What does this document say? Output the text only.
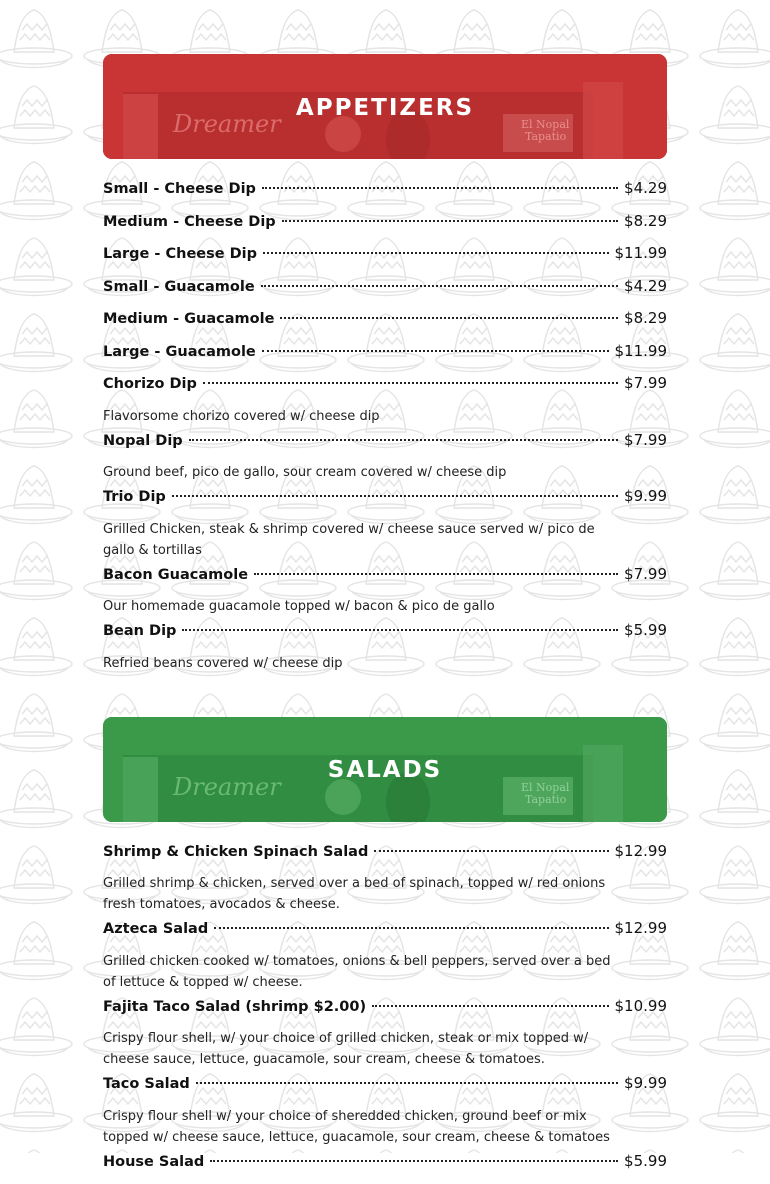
Dreamer	El Nopal
Tapatio
APPETIZERS
Small - Cheese Dip	$4.29
Medium - Cheese Dip	$8.29
Large - Cheese Dip	$11.99
Small - Guacamole	$4.29
Medium - Guacamole	$8.29
Large - Guacamole	$11.99
Chorizo Dip	$7.99
Flavorsome chorizo covered w/ cheese dip
Nopal Dip	$7.99
Ground beef, pico de gallo, sour cream covered w/ cheese dip
Trio Dip	$9.99
Grilled Chicken, steak & shrimp covered w/ cheese sauce served w/ pico de gallo & tortillas
Bacon Guacamole	$7.99
Our homemade guacamole topped w/ bacon & pico de gallo
Bean Dip	$5.99
Refried beans covered w/ cheese dip
Dreamer	El Nopal
Tapatio
SALADS
Shrimp & Chicken Spinach Salad	$12.99
Grilled shrimp & chicken, served over a bed of spinach, topped w/ red onions fresh tomatoes, avocados & cheese.
Azteca Salad	$12.99
Grilled chicken cooked w/ tomatoes, onions & bell peppers, served over a bed of lettuce & topped w/ cheese.
Fajita Taco Salad (shrimp $2.00)	$10.99
Crispy flour shell, w/ your choice of grilled chicken, steak or mix topped w/ cheese sauce, lettuce, guacamole, sour cream, cheese & tomatoes.
Taco Salad	$9.99
Crispy flour shell w/ your choice of sheredded chicken, ground beef or mix topped w/ cheese sauce, lettuce, guacamole, sour cream, cheese & tomatoes
House Salad	$5.99
